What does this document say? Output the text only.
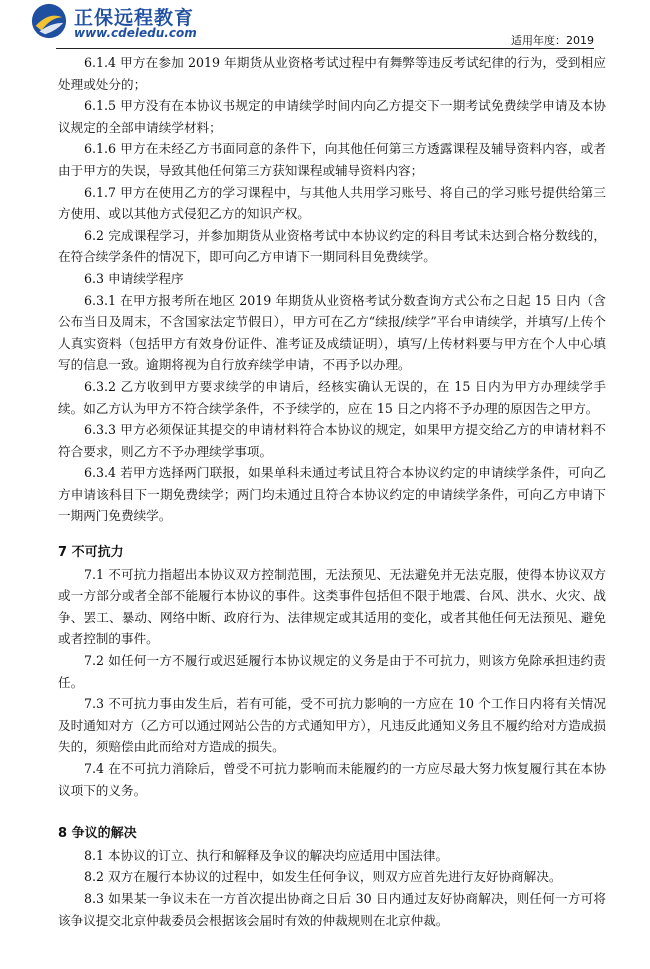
正保远程教育
www.cdeledu.com
适用年度：2019

6.1.4 甲方在参加 2019 年期货从业资格考试过程中有舞弊等违反考试纪律的行为，受到相应处理或处分的；

6.1.5 甲方没有在本协议书规定的申请续学时间内向乙方提交下一期考试免费续学申请及本协议规定的全部申请续学材料；

6.1.6 甲方在未经乙方书面同意的条件下，向其他任何第三方透露课程及辅导资料内容，或者由于甲方的失误，导致其他任何第三方获知课程或辅导资料内容；

6.1.7 甲方在使用乙方的学习课程中，与其他人共用学习账号、将自己的学习账号提供给第三方使用、或以其他方式侵犯乙方的知识产权。

6.2 完成课程学习，并参加期货从业资格考试中本协议约定的科目考试未达到合格分数线的，在符合续学条件的情况下，即可向乙方申请下一期同科目免费续学。

6.3 申请续学程序

6.3.1 在甲方报考所在地区 2019 年期货从业资格考试分数查询方式公布之日起 15 日内（含公布当日及周末，不含国家法定节假日），甲方可在乙方“续报/续学”平台申请续学，并填写/上传个人真实资料（包括甲方有效身份证件、准考证及成绩证明），填写/上传材料要与甲方在个人中心填写的信息一致。逾期将视为自行放弃续学申请，不再予以办理。

6.3.2 乙方收到甲方要求续学的申请后，经核实确认无误的，在 15 日内为甲方办理续学手续。如乙方认为甲方不符合续学条件，不予续学的，应在 15 日之内将不予办理的原因告之甲方。

6.3.3 甲方必须保证其提交的申请材料符合本协议的规定，如果甲方提交给乙方的申请材料不符合要求，则乙方不予办理续学事项。

6.3.4 若甲方选择两门联报，如果单科未通过考试且符合本协议约定的申请续学条件，可向乙方申请该科目下一期免费续学；两门均未通过且符合本协议约定的申请续学条件，可向乙方申请下一期两门免费续学。

7 不可抗力

7.1 不可抗力指超出本协议双方控制范围，无法预见、无法避免并无法克服，使得本协议双方或一方部分或者全部不能履行本协议的事件。这类事件包括但不限于地震、台风、洪水、火灾、战争、罢工、暴动、网络中断、政府行为、法律规定或其适用的变化，或者其他任何无法预见、避免或者控制的事件。

7.2 如任何一方不履行或迟延履行本协议规定的义务是由于不可抗力，则该方免除承担违约责任。

7.3 不可抗力事由发生后，若有可能，受不可抗力影响的一方应在 10 个工作日内将有关情况及时通知对方（乙方可以通过网站公告的方式通知甲方），凡违反此通知义务且不履约给对方造成损失的，须赔偿由此而给对方造成的损失。

7.4 在不可抗力消除后，曾受不可抗力影响而未能履约的一方应尽最大努力恢复履行其在本协议项下的义务。

8 争议的解决

8.1 本协议的订立、执行和解释及争议的解决均应适用中国法律。

8.2 双方在履行本协议的过程中，如发生任何争议，则双方应首先进行友好协商解决。

8.3 如果某一争议未在一方首次提出协商之日后 30 日内通过友好协商解决，则任何一方可将该争议提交北京仲裁委员会根据该会届时有效的仲裁规则在北京仲裁。
